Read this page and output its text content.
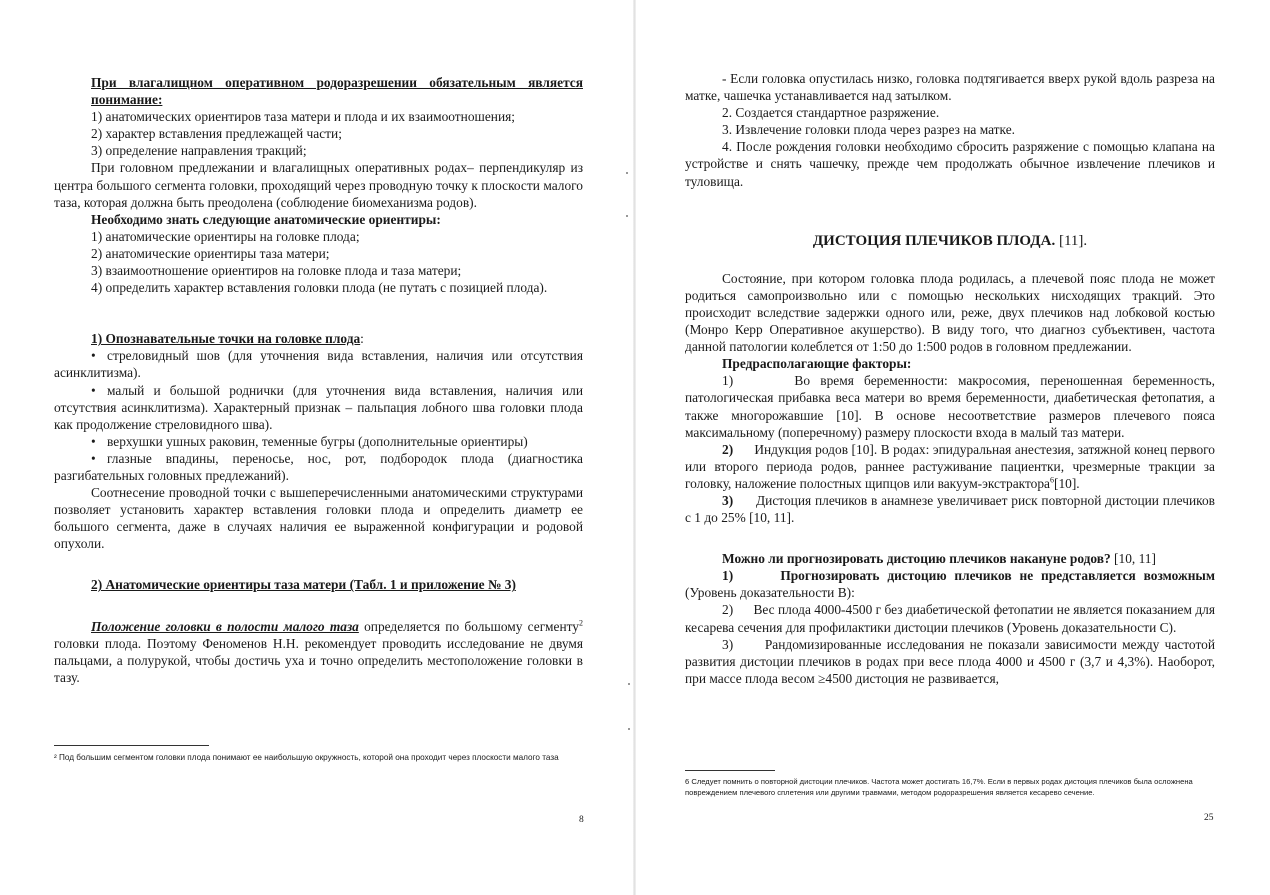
При влагалищном оперативном родоразрешении обязательным является понимание:

1) анатомических ориентиров таза матери и плода и их взаимоотношения;

2) характер вставления предлежащей части;

3) определение направления тракций;

При головном предлежании и влагалищных оперативных родах– перпендикуляр из центра большого сегмента головки, проходящий через проводную точку к плоскости малого таза, которая должна быть преодолена (соблюдение биомеханизма родов).

Необходимо знать следующие анатомические ориентиры:

1) анатомические ориентиры на головке плода;

2) анатомические ориентиры таза матери;

3) взаимоотношение ориентиров на головке плода и таза матери;

4) определить характер вставления головки плода (не путать с позицией плода).

1) Опознавательные точки на головке плода:

• стреловидный шов (для уточнения вида вставления, наличия или отсутствия асинклитизма).

• малый и большой роднички (для уточнения вида вставления, наличия или отсутствия асинклитизма). Характерный признак – пальпация лобного шва головки плода как продолжение стреловидного шва).

• верхушки ушных раковин, теменные бугры (дополнительные ориентиры)

• глазные впадины, переносье, нос, рот, подбородок плода (диагностика разгибательных головных предлежаний).

Соотнесение проводной точки с вышеперечисленными анатомическими структурами позволяет установить характер вставления головки плода и определить диаметр ее большого сегмента, даже в случаях наличия ее выраженной конфигурации и родовой опухоли.

2) Анатомические ориентиры таза матери (Табл. 1 и приложение № 3)

Положение головки в полости малого таза определяется по большому сегменту$^2$ головки плода. Поэтому Феноменов Н.Н. рекомендует проводить исследование не двумя пальцами, а полурукой, чтобы достичь уха и точно определить местоположение головки в тазу.

² Под большим сегментом головки плода понимают ее наибольшую окружность, которой она проходит через плоскости малого таза

8

- Если головка опустилась низко, головка подтягивается вверх рукой вдоль разреза на матке, чашечка устанавливается над затылком.

2. Создается стандартное разряжение.

3. Извлечение головки плода через разрез на матке.

4. После рождения головки необходимо сбросить разряжение с помощью клапана на устройстве и снять чашечку, прежде чем продолжать обычное извлечение плечиков и туловища.

ДИСТОЦИЯ ПЛЕЧИКОВ ПЛОДА. [11].

Состояние, при котором головка плода родилась, а плечевой пояс плода не может родиться самопроизвольно или с помощью нескольких нисходящих тракций. Это происходит вследствие задержки одного или, реже, двух плечиков над лобковой костью (Монро Керр Оперативное акушерство). В виду того, что диагноз субъективен, частота данной патологии колеблется от 1:50 до 1:500 родов в головном предлежании.

Предрасполагающие факторы:

1)	Во время беременности: макросомия, переношенная беременность, патологическая прибавка веса матери во время беременности, диабетическая фетопатия, а также многорожавшие [10]. В основе несоответствие размеров плечевого пояса максимальному (поперечному) размеру плоскости входа в малый таз матери.

2) Индукция родов [10]. В родах: эпидуральная анестезия, затяжной конец первого или второго периода родов, раннее растуживание пациентки, чрезмерные тракции за головку, наложение полостных щипцов или вакуум-экстрактора$^6$[10].

3) Дистоция плечиков в анамнезе увеличивает риск повторной дистоции плечиков с 1 до 25% [10, 11].

Можно ли прогнозировать дистоцию плечиков накануне родов? [10, 11]

1)	Прогнозировать дистоцию плечиков не представляется возможным (Уровень доказательности В):

2) Вес плода 4000-4500 г без диабетической фетопатии не является показанием для кесарева сечения для профилактики дистоции плечиков (Уровень доказательности С).

3) Рандомизированные исследования не показали зависимости между частотой развития дистоции плечиков в родах при весе плода 4000 и 4500 г (3,7 и 4,3%). Наоборот, при массе плода весом ≥4500 дистоция не развивается,

6 Следует помнить о повторной дистоции плечиков. Частота может достигать 16,7%. Если в первых родах дистоция плечиков была осложнена повреждением плечевого сплетения или другими травмами, методом родоразрешения является кесарево сечение.

25
